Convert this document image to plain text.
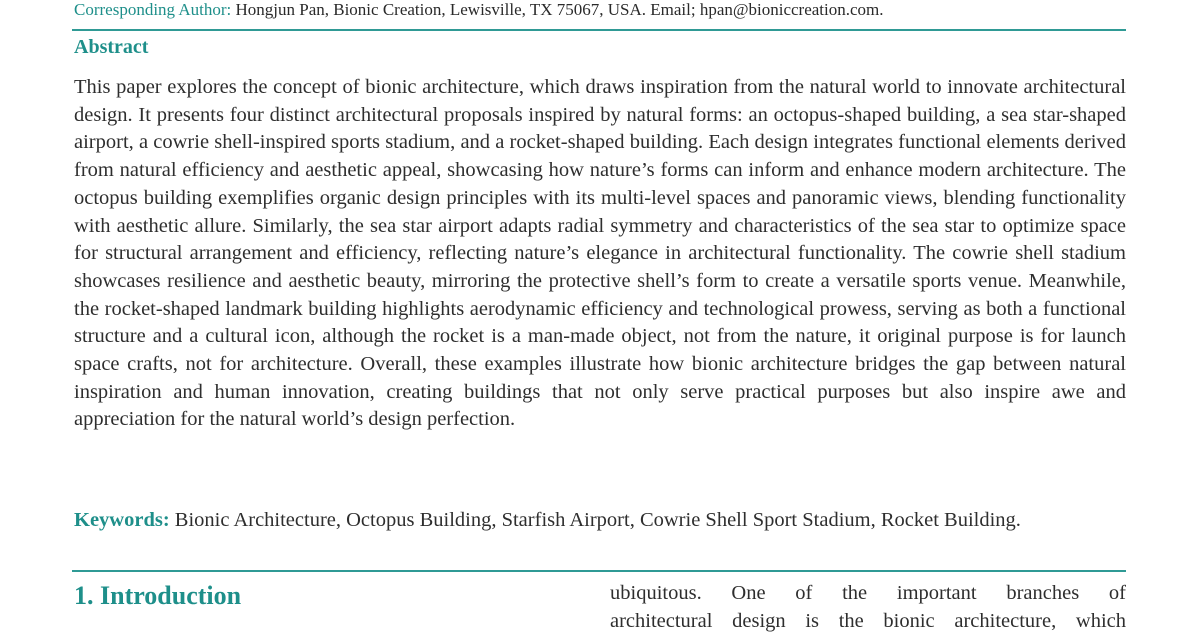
Corresponding Author: Hongjun Pan, Bionic Creation, Lewisville, TX 75067, USA. Email; hpan@bioniccreation.com.
Abstract
This paper explores the concept of bionic architecture, which draws inspiration from the natural world to innovate architectural design. It presents four distinct architectural proposals inspired by natural forms: an octopus-shaped building, a sea star-shaped airport, a cowrie shell-inspired sports stadium, and a rocket-shaped building. Each design integrates functional elements derived from natural efficiency and aesthetic appeal, showcasing how nature’s forms can inform and enhance modern architecture. The octopus building exemplifies organic design principles with its multi-level spaces and panoramic views, blending functionality with aesthetic allure. Similarly, the sea star airport adapts radial symmetry and characteristics of the sea star to optimize space for structural arrangement and efficiency, reflecting nature’s elegance in architectural functionality. The cowrie shell stadium showcases resilience and aesthetic beauty, mirroring the protective shell’s form to create a versatile sports venue. Meanwhile, the rocket-shaped landmark building highlights aerodynamic efficiency and technological prowess, serving as both a functional structure and a cultural icon, although the rocket is a man-made object, not from the nature, it original purpose is for launch space crafts, not for architecture. Overall, these examples illustrate how bionic architecture bridges the gap between natural inspiration and human innovation, creating buildings that not only serve practical purposes but also inspire awe and appreciation for the natural world’s design perfection.
Keywords: Bionic Architecture, Octopus Building, Starfish Airport, Cowrie Shell Sport Stadium, Rocket Building.
1. Introduction	ubiquitous. One of the important branches of
architectural design is the bionic architecture, which
